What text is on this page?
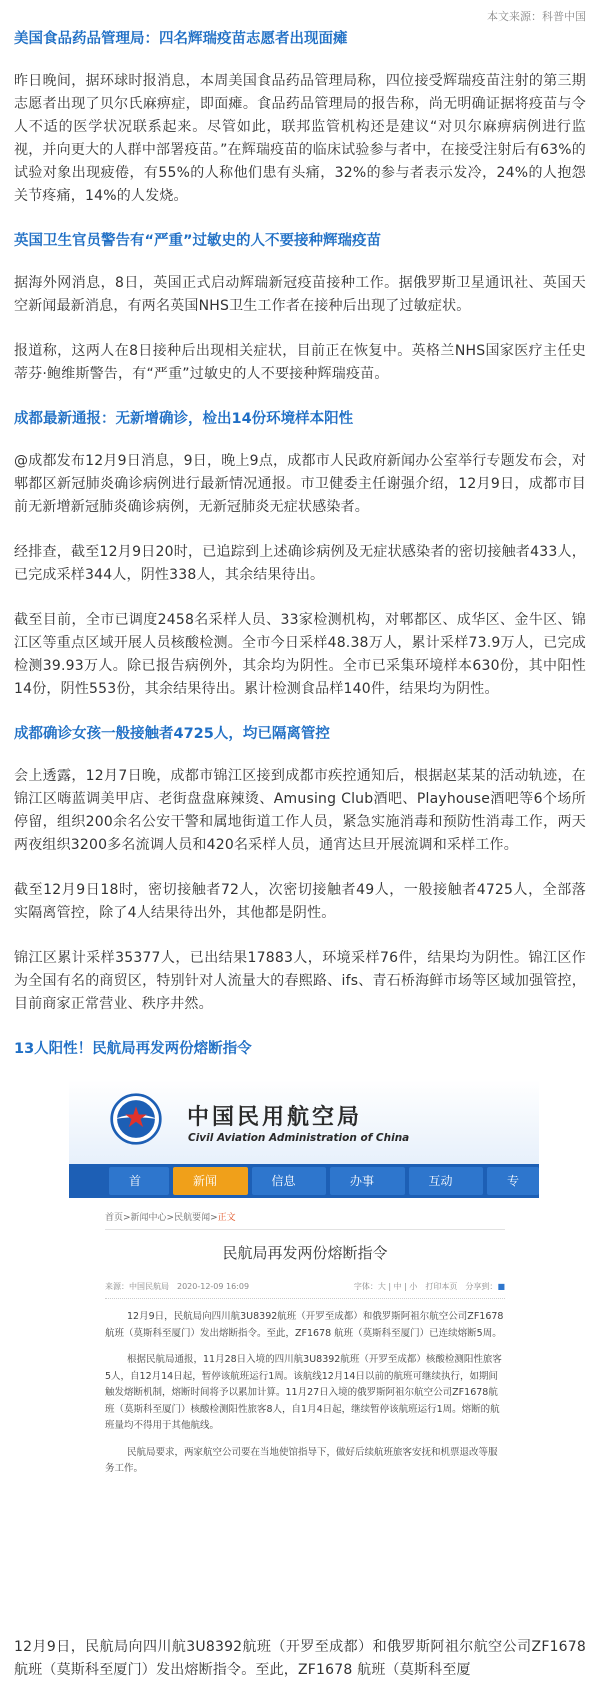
本文来源：科普中国
美国食品药品管理局：四名辉瑞疫苗志愿者出现面瘫

昨日晚间，据环球时报消息，本周美国食品药品管理局称，四位接受辉瑞疫苗注射的第三期志愿者出现了贝尔氏麻痹症，即面瘫。食品药品管理局的报告称，尚无明确证据将疫苗与令人不适的医学状况联系起来。尽管如此，联邦监管机构还是建议“对贝尔麻痹病例进行监视，并向更大的人群中部署疫苗。”在辉瑞疫苗的临床试验参与者中，在接受注射后有63%的试验对象出现疲倦，有55%的人称他们患有头痛，32%的参与者表示发冷，24%的人抱怨关节疼痛，14%的人发烧。

英国卫生官员警告有“严重”过敏史的人不要接种辉瑞疫苗

据海外网消息，8日，英国正式启动辉瑞新冠疫苗接种工作。据俄罗斯卫星通讯社、英国天空新闻最新消息，有两名英国NHS卫生工作者在接种后出现了过敏症状。

报道称，这两人在8日接种后出现相关症状，目前正在恢复中。英格兰NHS国家医疗主任史蒂芬·鲍维斯警告，有“严重”过敏史的人不要接种辉瑞疫苗。

成都最新通报：无新增确诊，检出14份环境样本阳性

@成都发布12月9日消息，9日，晚上9点，成都市人民政府新闻办公室举行专题发布会，对郫都区新冠肺炎确诊病例进行最新情况通报。市卫健委主任谢强介绍，12月9日，成都市目前无新增新冠肺炎确诊病例，无新冠肺炎无症状感染者。

经排查，截至12月9日20时，已追踪到上述确诊病例及无症状感染者的密切接触者433人，已完成采样344人，阴性338人，其余结果待出。

截至目前，全市已调度2458名采样人员、33家检测机构，对郫都区、成华区、金牛区、锦江区等重点区域开展人员核酸检测。全市今日采样48.38万人，累计采样73.9万人，已完成检测39.93万人。除已报告病例外，其余均为阴性。全市已采集环境样本630份，其中阳性14份，阴性553份，其余结果待出。累计检测食品样140件，结果均为阴性。

成都确诊女孩一般接触者4725人，均已隔离管控

会上透露，12月7日晚，成都市锦江区接到成都市疾控通知后，根据赵某某的活动轨迹，在锦江区嗨蓝调美甲店、老街盘盘麻辣烫、Amusing Club酒吧、Playhouse酒吧等6个场所停留，组织200余名公安干警和属地街道工作人员，紧急实施消毒和预防性消毒工作，两天两夜组织3200多名流调人员和420名采样人员，通宵达旦开展流调和采样工作。

截至12月9日18时，密切接触者72人，次密切接触者49人，一般接触者4725人，全部落实隔离管控，除了4人结果待出外，其他都是阴性。

锦江区累计采样35377人，已出结果17883人，环境采样76件，结果均为阴性。锦江区作为全国有名的商贸区，特别针对人流量大的春熙路、ifs、青石桥海鲜市场等区域加强管控，目前商家正常营业、秩序井然。

13人阳性！民航局再发两份熔断指令
中国民用航空局
Civil Aviation Administration of China
首 页
新闻中心
信息公开
办事大厅
互动交流
专
首页>新闻中心>民航要闻>正文
民航局再发两份熔断指令
来源：中国民航局　2020-12-09 16:09	字体：大 | 中 | 小　打印本页　分享到：■

12月9日，民航局向四川航3U8392航班（开罗至成都）和俄罗斯阿祖尔航空公司ZF1678 航班（莫斯科至厦门）发出熔断指令。至此，ZF1678 航班（莫斯科至厦门）已连续熔断5周。

根据民航局通报，11月28日入境的四川航3U8392航班（开罗至成都）核酸检测阳性旅客5人，自12月14日起，暂停该航班运行1周。该航线12月14日以前的航班可继续执行，如期间触发熔断机制，熔断时间将予以累加计算。11月27日入境的俄罗斯阿祖尔航空公司ZF1678航班（莫斯科至厦门）核酸检测阳性旅客8人，自1月4日起，继续暂停该航班运行1周。熔断的航班量均不得用于其他航线。

民航局要求，两家航空公司要在当地使馆指导下，做好后续航班旅客安抚和机票退改等服务工作。

12月9日，民航局向四川航3U8392航班（开罗至成都）和俄罗斯阿祖尔航空公司ZF1678 航班（莫斯科至厦门）发出熔断指令。至此，ZF1678 航班（莫斯科至厦
